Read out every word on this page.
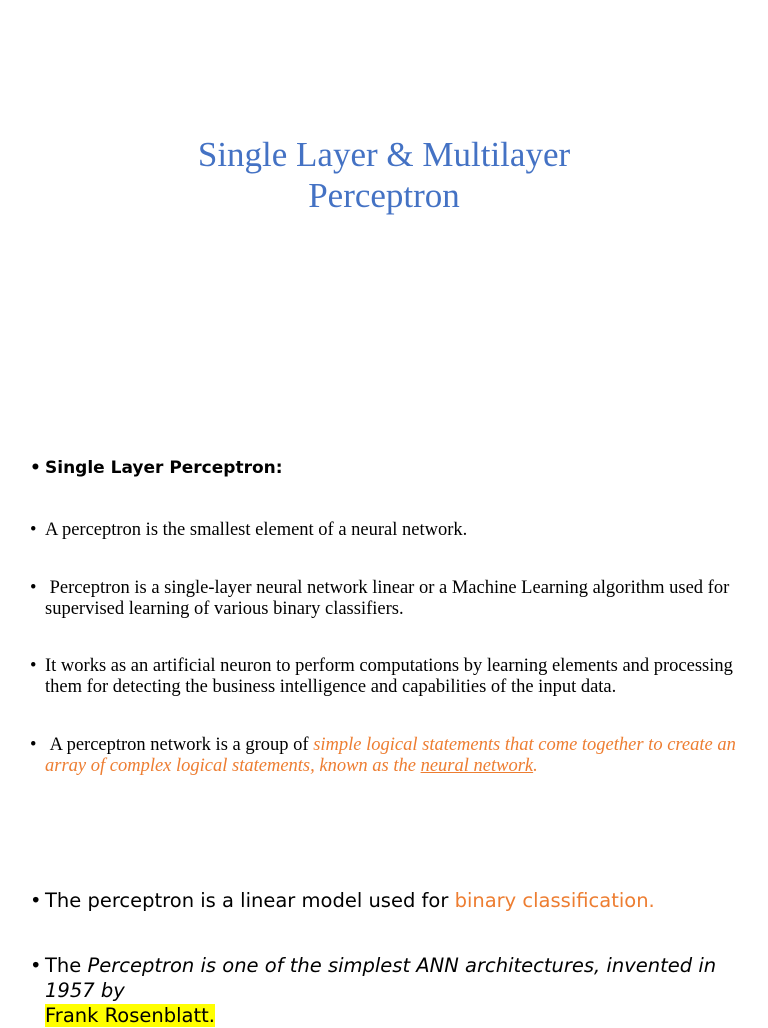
Single Layer & Multilayer
Perceptron
• Single Layer Perceptron:
• A perceptron is the smallest element of a neural network.
• Perceptron is a single-layer neural network linear or a Machine Learning algorithm used for supervised learning of various binary classifiers.
• It works as an artificial neuron to perform computations by learning elements and processing them for detecting the business intelligence and capabilities of the input data.
• A perceptron network is a group of simple logical statements that come together to create an array of complex logical statements, known as the neural network.
• The perceptron is a linear model used for binary classification.
• The Perceptron is one of the simplest ANN architectures, invented in 1957 by
Frank Rosenblatt.
